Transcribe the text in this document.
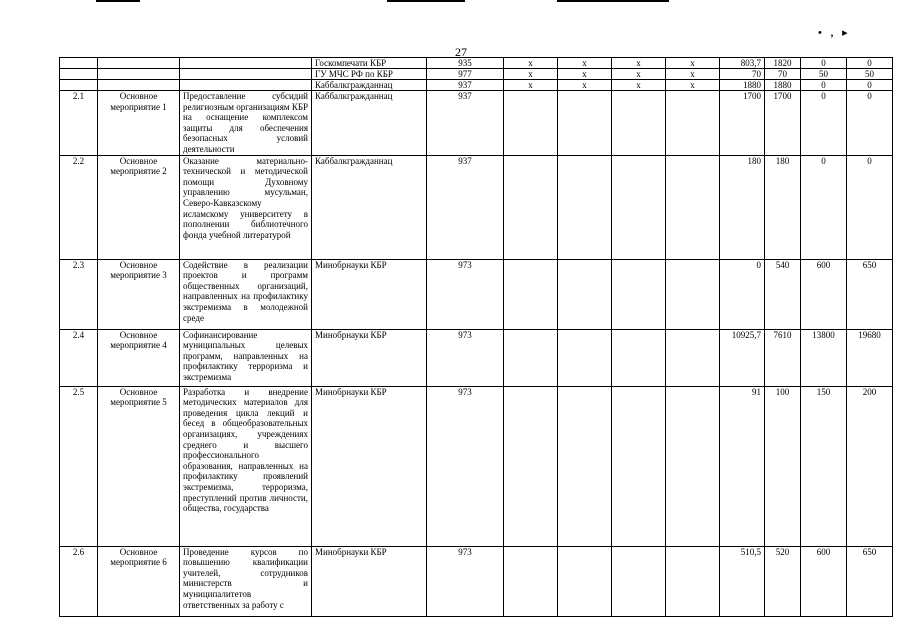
• , ▸
27
			Госкомпечати КБР	935	x	x	x	x	803,7	1820	0	0
			ГУ МЧС РФ по КБР	977	x	x	x	x	70	70	50	50
			Каббалкгражданнац	937	x	x	x	x	1880	1880	0	0
2.1	Основное мероприятие 1	Предоставление субсидий религиозным организациям КБР на оснащение комплексом защиты для обеспечения безопасных условий деятельности	Каббалкгражданнац	937					1700	1700	0	0
2.2	Основное мероприятие 2	Оказание материально-технической и методической помощи Духовному управлению мусульман, Северо-Кавказскому исламскому университету в пополнении библиотечного фонда учебной литературой	Каббалкгражданнац	937					180	180	0	0
2.3	Основное мероприятие 3	Содействие в реализации проектов и программ общественных организаций, направленных на профилактику экстремизма в молодежной среде	Минобрнауки КБР	973					0	540	600	650
2.4	Основное мероприятие 4	Софинансирование муниципальных целевых программ, направленных на профилактику терроризма и экстремизма	Минобрнауки КБР	973					10925,7	7610	13800	19680
2.5	Основное мероприятие 5	Разработка и внедрение методических материалов для проведения цикла лекций и бесед в общеобразовательных организациях, учреждениях среднего и высшего профессионального образования, направленных на профилактику проявлений экстремизма, терроризма, преступлений против личности, общества, государства	Минобрнауки КБР	973					91	100	150	200
2.6	Основное мероприятие 6	Проведение курсов по повышению квалификации учителей, сотрудников министерств и муниципалитетов ответственных за работу с	Минобрнауки КБР	973					510,5	520	600	650
